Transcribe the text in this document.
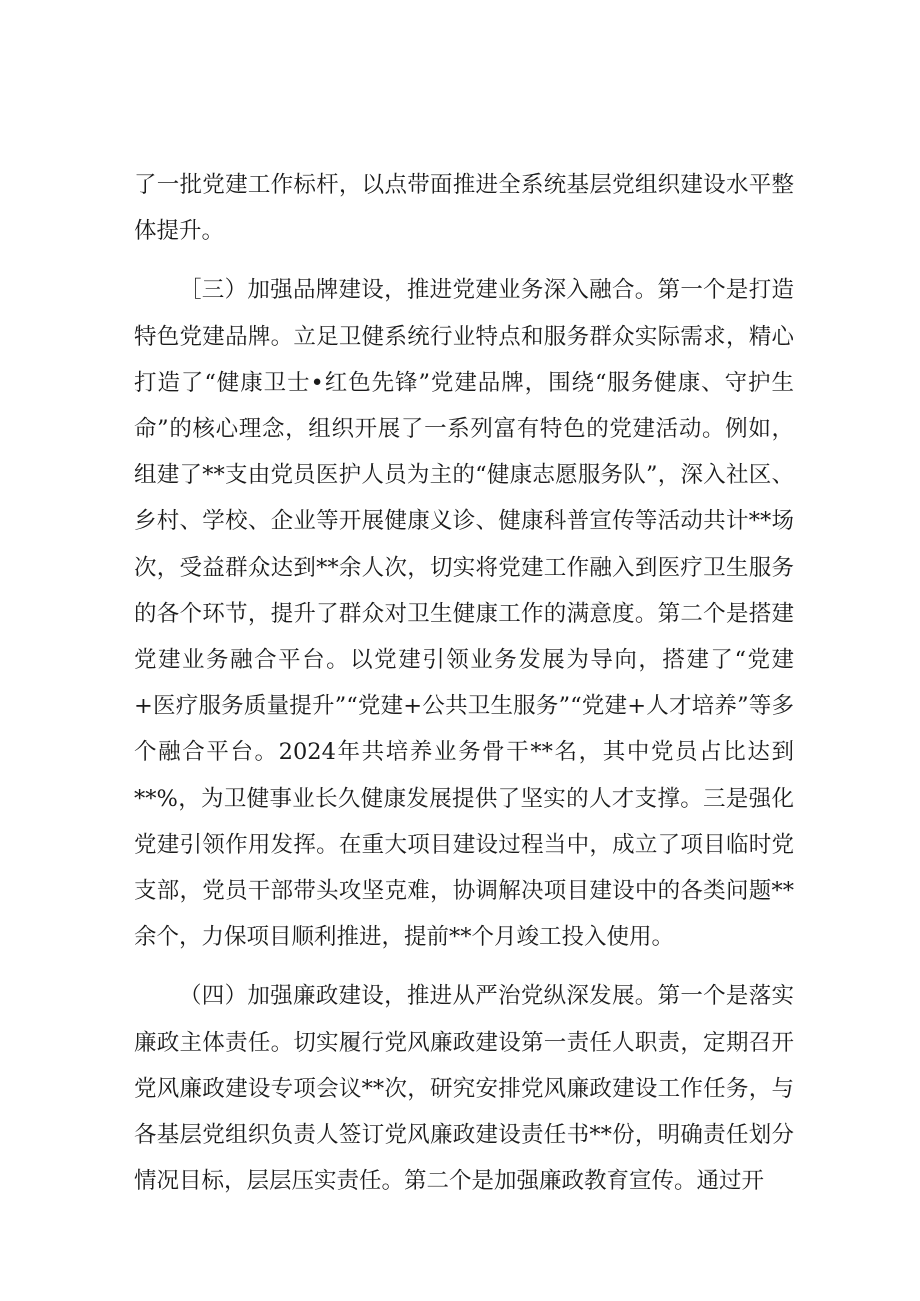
了一批党建工作标杆，以点带面推进全系统基层党组织建设水平整体提升。

［三）加强品牌建设，推进党建业务深入融合。第一个是打造特色党建品牌。立足卫健系统行业特点和服务群众实际需求，精心打造了“健康卫士•红色先锋”党建品牌，围绕“服务健康、守护生命”的核心理念，组织开展了一系列富有特色的党建活动。例如，组建了**支由党员医护人员为主的“健康志愿服务队”，深入社区、乡村、学校、企业等开展健康义诊、健康科普宣传等活动共计**场次，受益群众达到**余人次，切实将党建工作融入到医疗卫生服务的各个环节，提升了群众对卫生健康工作的满意度。第二个是搭建党建业务融合平台。以党建引领业务发展为导向，搭建了“党建+医疗服务质量提升”“党建+公共卫生服务”“党建+人才培养”等多个融合平台。2024年共培养业务骨干**名，其中党员占比达到**%，为卫健事业长久健康发展提供了坚实的人才支撑。三是强化党建引领作用发挥。在重大项目建设过程当中，成立了项目临时党支部，党员干部带头攻坚克难，协调解决项目建设中的各类问题**余个，力保项目顺利推进，提前**个月竣工投入使用。

（四）加强廉政建设，推进从严治党纵深发展。第一个是落实廉政主体责任。切实履行党风廉政建设第一责任人职责，定期召开党风廉政建设专项会议**次，研究安排党风廉政建设工作任务，与各基层党组织负责人签订党风廉政建设责任书**份，明确责任划分情况目标，层层压实责任。第二个是加强廉政教育宣传。通过开
